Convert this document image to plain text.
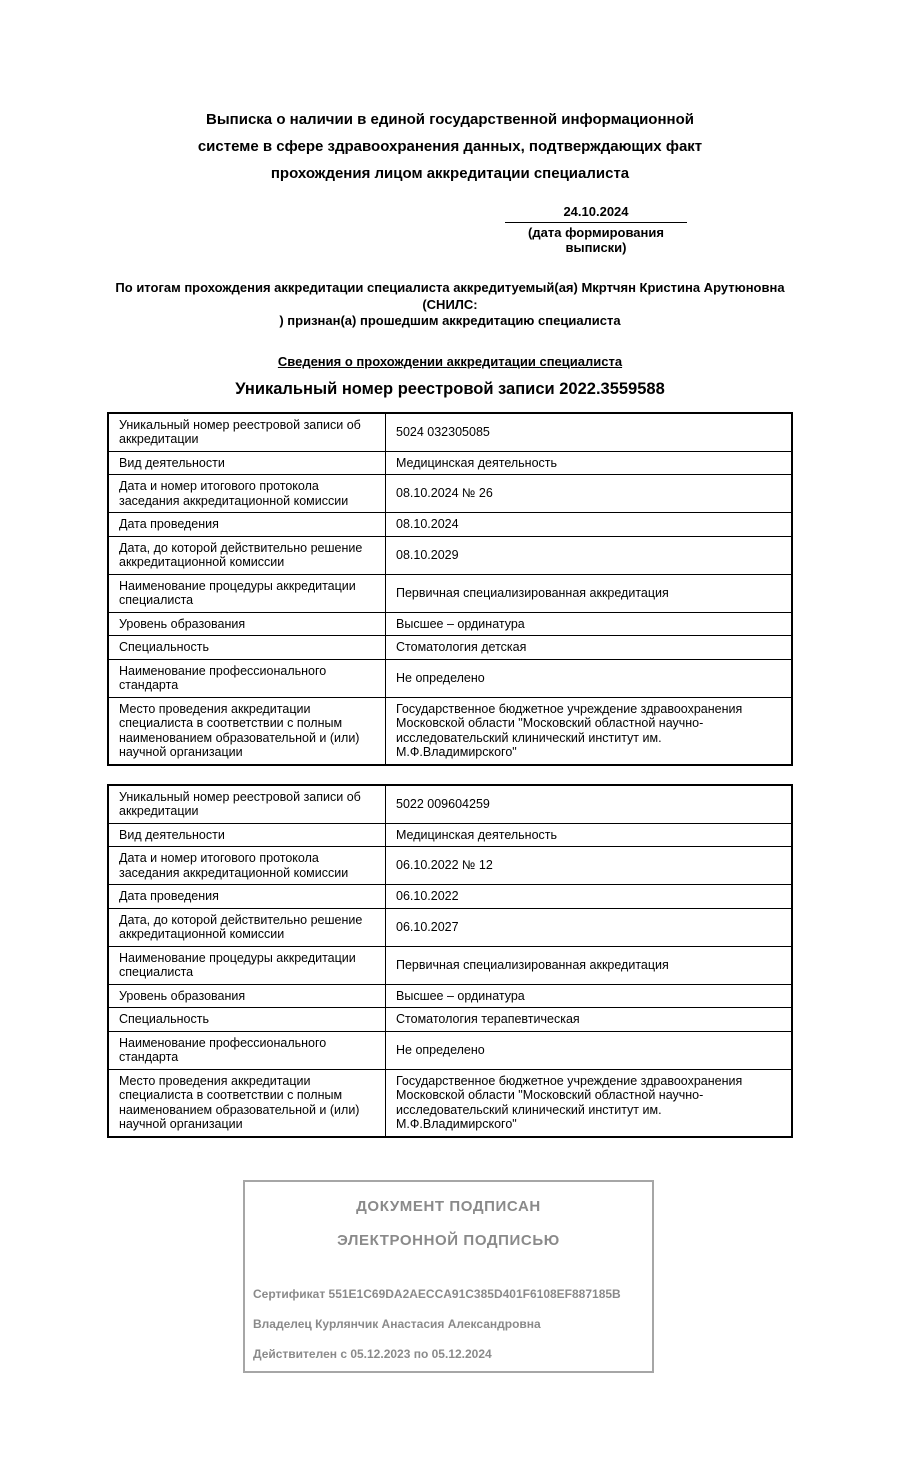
Выписка о наличии в единой государственной информационной
системе в сфере здравоохранения данных, подтверждающих факт
прохождения лицом аккредитации специалиста
24.10.2024
(дата формирования выписки)
По итогам прохождения аккредитации специалиста аккредитуемый(ая) Мкртчян Кристина Арутюновна (СНИЛС:
) признан(а) прошедшим аккредитацию специалиста
Сведения о прохождении аккредитации специалиста
Уникальный номер реестровой записи 2022.3559588
Уникальный номер реестровой записи об аккредитации	5024 032305085
Вид деятельности	Медицинская деятельность
Дата и номер итогового протокола заседания аккредитационной комиссии	08.10.2024 № 26
Дата проведения	08.10.2024
Дата, до которой действительно решение аккредитационной комиссии	08.10.2029
Наименование процедуры аккредитации специалиста	Первичная специализированная аккредитация
Уровень образования	Высшее – ординатура
Специальность	Стоматология детская
Наименование профессионального стандарта	Не определено
Место проведения аккредитации специалиста в соответствии с полным наименованием образовательной и (или) научной организации	Государственное бюджетное учреждение здравоохранения Московской области "Московский областной научно-исследовательский клинический институт им. М.Ф.Владимирского"
Уникальный номер реестровой записи об аккредитации	5022 009604259
Вид деятельности	Медицинская деятельность
Дата и номер итогового протокола заседания аккредитационной комиссии	06.10.2022 № 12
Дата проведения	06.10.2022
Дата, до которой действительно решение аккредитационной комиссии	06.10.2027
Наименование процедуры аккредитации специалиста	Первичная специализированная аккредитация
Уровень образования	Высшее – ординатура
Специальность	Стоматология терапевтическая
Наименование профессионального стандарта	Не определено
Место проведения аккредитации специалиста в соответствии с полным наименованием образовательной и (или) научной организации	Государственное бюджетное учреждение здравоохранения Московской области "Московский областной научно-исследовательский клинический институт им. М.Ф.Владимирского"
ДОКУМЕНТ ПОДПИСАН
ЭЛЕКТРОННОЙ ПОДПИСЬЮ
Сертификат 551E1C69DA2AECCA91C385D401F6108EF887185B
Владелец Курлянчик Анастасия Александровна
Действителен с 05.12.2023 по 05.12.2024
